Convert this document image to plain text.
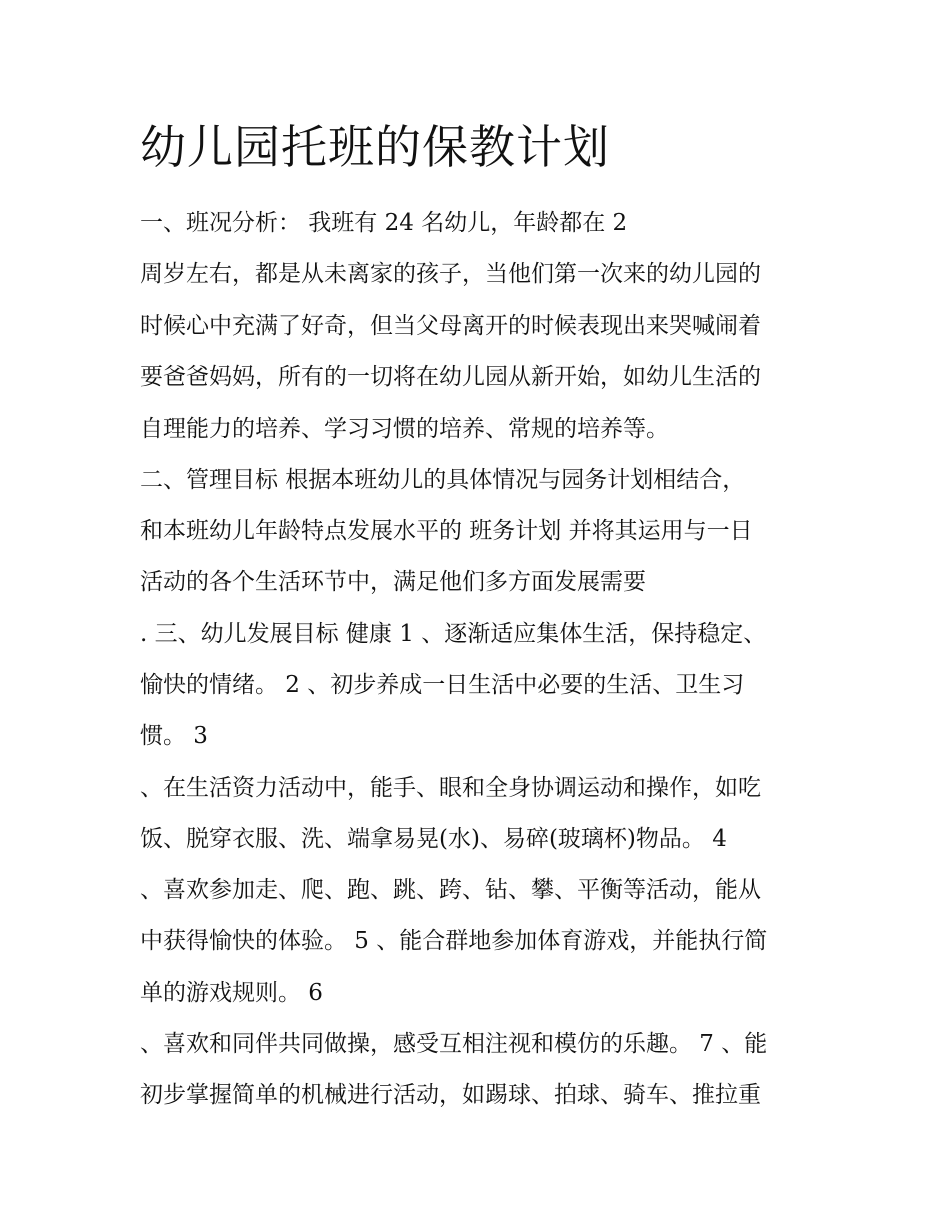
幼儿园托班的保教计划

一、班况分析： 我班有 24 名幼儿，年龄都在 2

周岁左右，都是从未离家的孩子，当他们第一次来的幼儿园的

时候心中充满了好奇，但当父母离开的时候表现出来哭喊闹着

要爸爸妈妈，所有的一切将在幼儿园从新开始，如幼儿生活的

自理能力的培养、学习习惯的培养、常规的培养等。

二、管理目标 根据本班幼儿的具体情况与园务计划相结合，

和本班幼儿年龄特点发展水平的 班务计划 并将其运用与一日

活动的各个生活环节中，满足他们多方面发展需要

. 三、幼儿发展目标 健康 1 、逐渐适应集体生活，保持稳定、

愉快的情绪。 2 、初步养成一日生活中必要的生活、卫生习

惯。 3

、在生活资力活动中，能手、眼和全身协调运动和操作，如吃

饭、脱穿衣服、洗、端拿易晃(水)、易碎(玻璃杯)物品。 4

、喜欢参加走、爬、跑、跳、跨、钻、攀、平衡等活动，能从

中获得愉快的体验。 5 、能合群地参加体育游戏，并能执行简

单的游戏规则。 6

、喜欢和同伴共同做操，感受互相注视和模仿的乐趣。 7 、能

初步掌握简单的机械进行活动，如踢球、拍球、骑车、推拉重
